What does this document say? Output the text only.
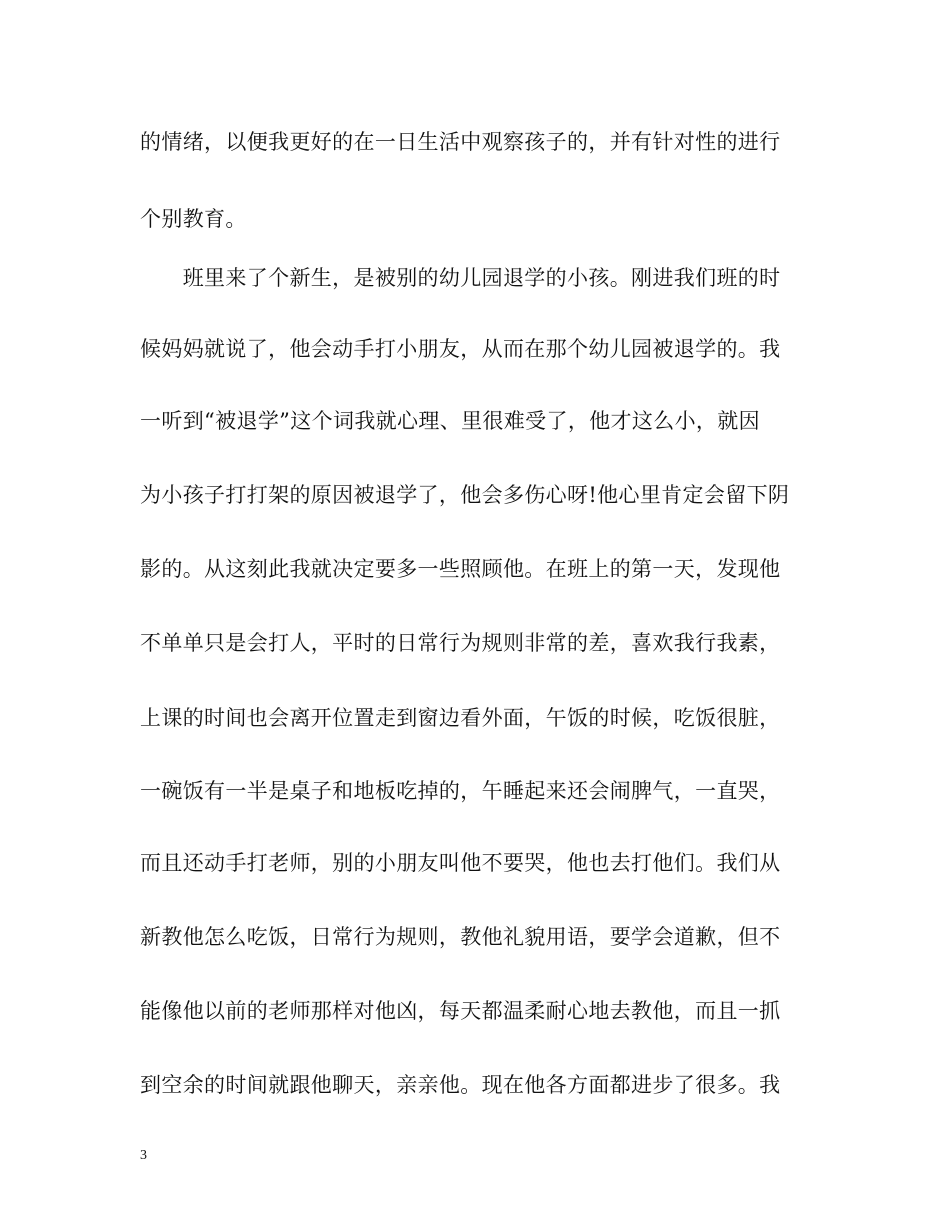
的情绪，以便我更好的在一日生活中观察孩子的，并有针对性的进行

个别教育。

　　班里来了个新生，是被别的幼儿园退学的小孩。刚进我们班的时

候妈妈就说了，他会动手打小朋友，从而在那个幼儿园被退学的。我

一听到“被退学”这个词我就心理、里很难受了，他才这么小，就因

为小孩子打打架的原因被退学了，他会多伤心呀!他心里肯定会留下阴

影的。从这刻此我就决定要多一些照顾他。在班上的第一天，发现他

不单单只是会打人，平时的日常行为规则非常的差，喜欢我行我素，

上课的时间也会离开位置走到窗边看外面，午饭的时候，吃饭很脏，

一碗饭有一半是桌子和地板吃掉的，午睡起来还会闹脾气，一直哭，

而且还动手打老师，别的小朋友叫他不要哭，他也去打他们。我们从

新教他怎么吃饭，日常行为规则，教他礼貌用语，要学会道歉，但不

能像他以前的老师那样对他凶，每天都温柔耐心地去教他，而且一抓

到空余的时间就跟他聊天，亲亲他。现在他各方面都进步了很多。我

3
